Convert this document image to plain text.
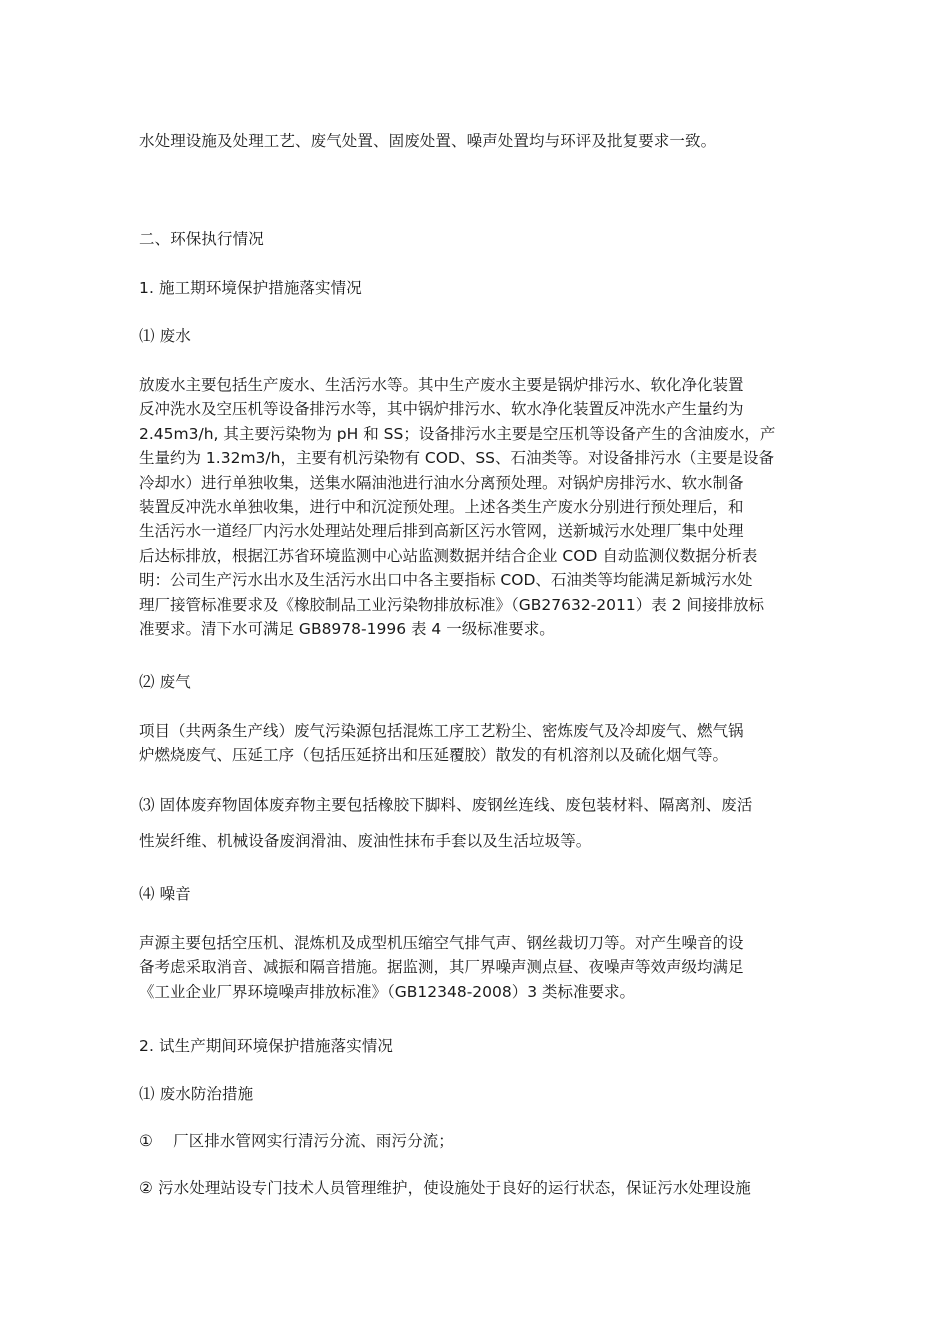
水处理设施及处理工艺、废气处置、固废处置、噪声处置均与环评及批复要求一致。
二、环保执行情况
1. 施工期环境保护措施落实情况
⑴ 废水
放废水主要包括生产废水、生活污水等。其中生产废水主要是锅炉排污水、软化净化装置
反冲洗水及空压机等设备排污水等，其中锅炉排污水、软水净化装置反冲洗水产生量约为
2.45m3/h, 其主要污染物为 pH 和 SS；设备排污水主要是空压机等设备产生的含油废水，产
生量约为 1.32m3/h，主要有机污染物有 COD、SS、石油类等。对设备排污水（主要是设备
冷却水）进行单独收集，送集水隔油池进行油水分离预处理。对锅炉房排污水、软水制备
装置反冲洗水单独收集，进行中和沉淀预处理。上述各类生产废水分别进行预处理后，和
生活污水一道经厂内污水处理站处理后排到高新区污水管网，送新城污水处理厂集中处理
后达标排放，根据江苏省环境监测中心站监测数据并结合企业 COD 自动监测仪数据分析表
明：公司生产污水出水及生活污水出口中各主要指标 COD、石油类等均能满足新城污水处
理厂接管标准要求及《橡胶制品工业污染物排放标准》（GB27632-2011）表 2 间接排放标
准要求。清下水可满足 GB8978-1996 表 4 一级标准要求。
⑵ 废气
项目（共两条生产线）废气污染源包括混炼工序工艺粉尘、密炼废气及冷却废气、燃气锅
炉燃烧废气、压延工序（包括压延挤出和压延覆胶）散发的有机溶剂以及硫化烟气等。
⑶ 固体废弃物固体废弃物主要包括橡胶下脚料、废钢丝连线、废包装材料、隔离剂、废活
性炭纤维、机械设备废润滑油、废油性抹布手套以及生活垃圾等。
⑷ 噪音
声源主要包括空压机、混炼机及成型机压缩空气排气声、钢丝裁切刀等。对产生噪音的设
备考虑采取消音、减振和隔音措施。据监测，其厂界噪声测点昼、夜噪声等效声级均满足
《工业企业厂界环境噪声排放标准》（GB12348-2008）3 类标准要求。
2. 试生产期间环境保护措施落实情况
⑴ 废水防治措施
①    厂区排水管网实行清污分流、雨污分流；
② 污水处理站设专门技术人员管理维护，使设施处于良好的运行状态，保证污水处理设施
